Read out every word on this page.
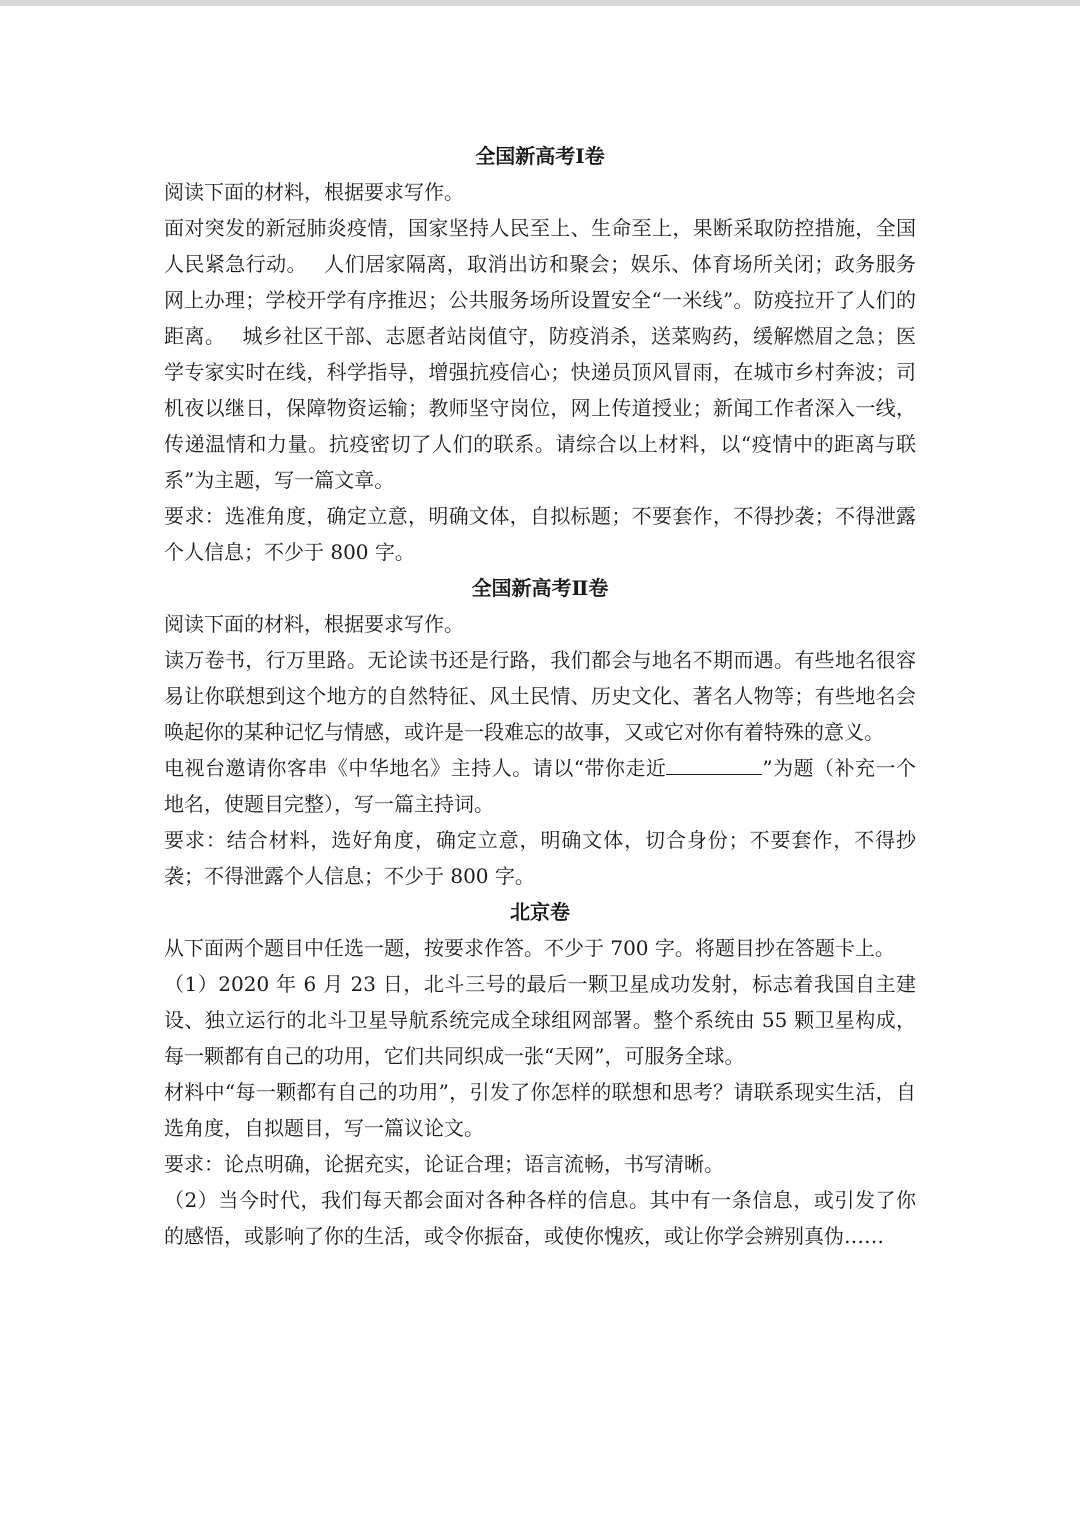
全国新高考Ⅰ卷

阅读下面的材料，根据要求写作。

面对突发的新冠肺炎疫情，国家坚持人民至上、生命至上，果断采取防控措施，全国人民紧急行动。　 人们居家隔离，取消出访和聚会；娱乐、体育场所关闭；政务服务网上办理；学校开学有序推迟；公共服务场所设置安全“一米线”。防疫拉开了人们的距离。　 城乡社区干部、志愿者站岗值守，防疫消杀，送菜购药，缓解燃眉之急；医学专家实时在线，科学指导，增强抗疫信心；快递员顶风冒雨，在城市乡村奔波；司机夜以继日，保障物资运输；教师坚守岗位，网上传道授业；新闻工作者深入一线，传递温情和力量。抗疫密切了人们的联系。请综合以上材料，以“疫情中的距离与联系”为主题，写一篇文章。

要求：选准角度，确定立意，明确文体，自拟标题；不要套作，不得抄袭；不得泄露个人信息；不少于 800 字。

全国新高考Ⅱ卷

阅读下面的材料，根据要求写作。

读万卷书，行万里路。无论读书还是行路，我们都会与地名不期而遇。有些地名很容易让你联想到这个地方的自然特征、风土民情、历史文化、著名人物等；有些地名会唤起你的某种记忆与情感，或许是一段难忘的故事，又或它对你有着特殊的意义。

电视台邀请你客串《中华地名》主持人。请以“带你走近	”为题（补充一个地名，使题目完整），写一篇主持词。

要求：结合材料，选好角度，确定立意，明确文体，切合身份；不要套作，不得抄袭；不得泄露个人信息；不少于 800 字。

北京卷

从下面两个题目中任选一题，按要求作答。不少于 700 字。将题目抄在答题卡上。

（1）2020 年 6 月 23 日，北斗三号的最后一颗卫星成功发射，标志着我国自主建设、独立运行的北斗卫星导航系统完成全球组网部署。整个系统由 55 颗卫星构成，每一颗都有自己的功用，它们共同织成一张“天网”，可服务全球。

材料中“每一颗都有自己的功用”，引发了你怎样的联想和思考？请联系现实生活，自选角度，自拟题目，写一篇议论文。

要求：论点明确，论据充实，论证合理；语言流畅，书写清晰。

（2）当今时代，我们每天都会面对各种各样的信息。其中有一条信息，或引发了你的感悟，或影响了你的生活，或令你振奋，或使你愧疚，或让你学会辨别真伪……
